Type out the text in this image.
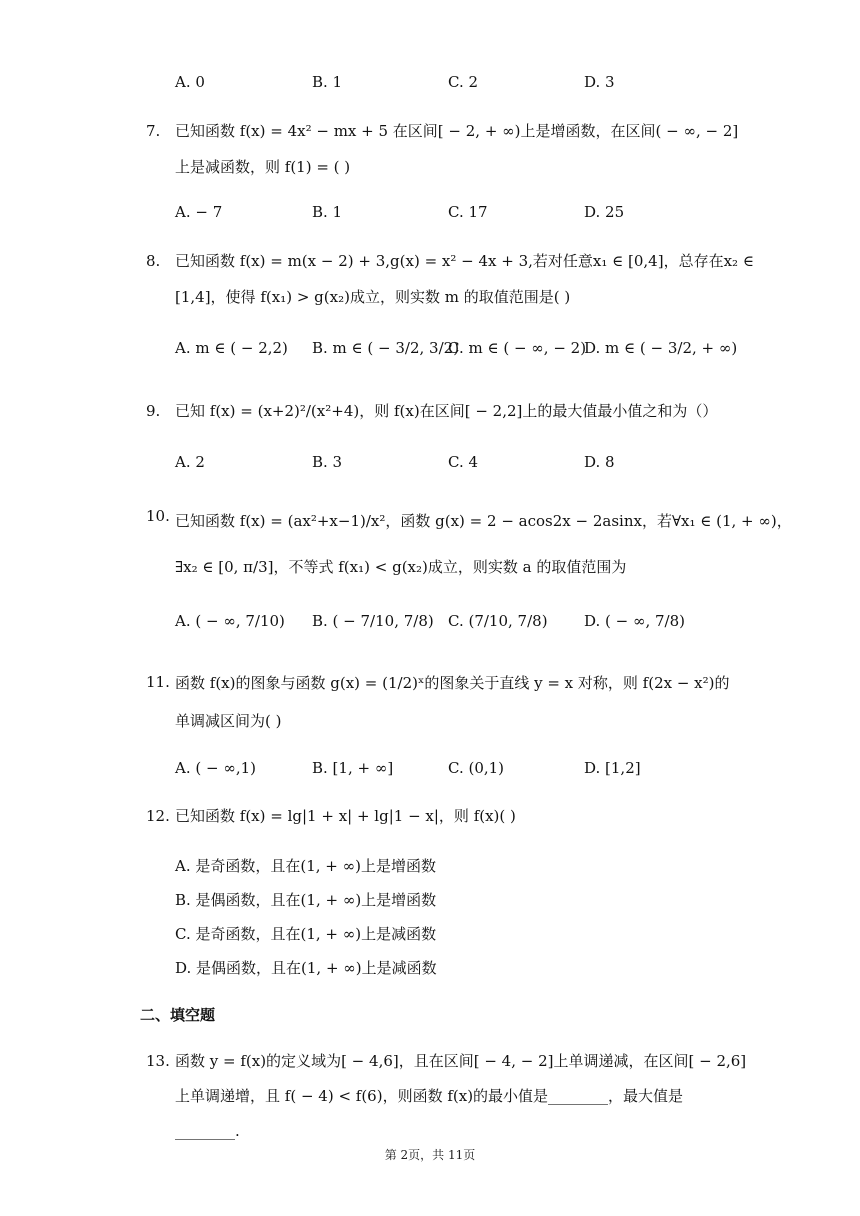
A. 0	B. 1	C. 2	D. 3
7. 已知函数 f(x) = 4x² − mx + 5 在区间[ − 2, + ∞)上是增函数，在区间( − ∞, − 2]
上是减函数，则 f(1) = ( )
A. − 7	B. 1	C. 17	D. 25
8. 已知函数 f(x) = m(x − 2) + 3,g(x) = x² − 4x + 3,若对任意x₁ ∈ [0,4]，总存在x₂ ∈
[1,4]，使得 f(x₁) > g(x₂)成立，则实数 m 的取值范围是( )
A. m ∈ ( − 2,2) B. m ∈ ( − 3/2, 3/2)
C. m ∈ ( − ∞, − 2)
D. m ∈ ( − 3/2, + ∞)
9. 已知 f(x) = (x+2)²/(x²+4)，则 f(x)在区间[ − 2,2]上的最大值最小值之和为（）
A. 2	B. 3	C. 4	D. 8
10. 已知函数 f(x) = (ax²+x−1)/x²，函数 g(x) = 2 − acos2x − 2asinx，若∀x₁ ∈ (1, + ∞)，
∃x₂ ∈ [0, π/3]，不等式 f(x₁) < g(x₂)成立，则实数 a 的取值范围为
A. ( − ∞, 7/10) B. ( − 7/10, 7/8) C. (7/10, 7/8) D. ( − ∞, 7/8)
11. 函数 f(x)的图象与函数 g(x) = (1/2)ˣ的图象关于直线 y = x 对称，则 f(2x − x²)的
单调减区间为( )
A. ( − ∞,1)	B. [1, + ∞]	C. (0,1)	D. [1,2]
12. 已知函数 f(x) = lg|1 + x| + lg|1 − x|，则 f(x)( )
A. 是奇函数，且在(1, + ∞)上是增函数
B. 是偶函数，且在(1, + ∞)上是增函数
C. 是奇函数，且在(1, + ∞)上是减函数
D. 是偶函数，且在(1, + ∞)上是减函数
二、填空题
13. 函数 y = f(x)的定义域为[ − 4,6]，且在区间[ − 4, − 2]上单调递减，在区间[ − 2,6]
上单调递增，且 f( − 4) < f(6)，则函数 f(x)的最小值是________，最大值是
________.
第 2页，共 11页
